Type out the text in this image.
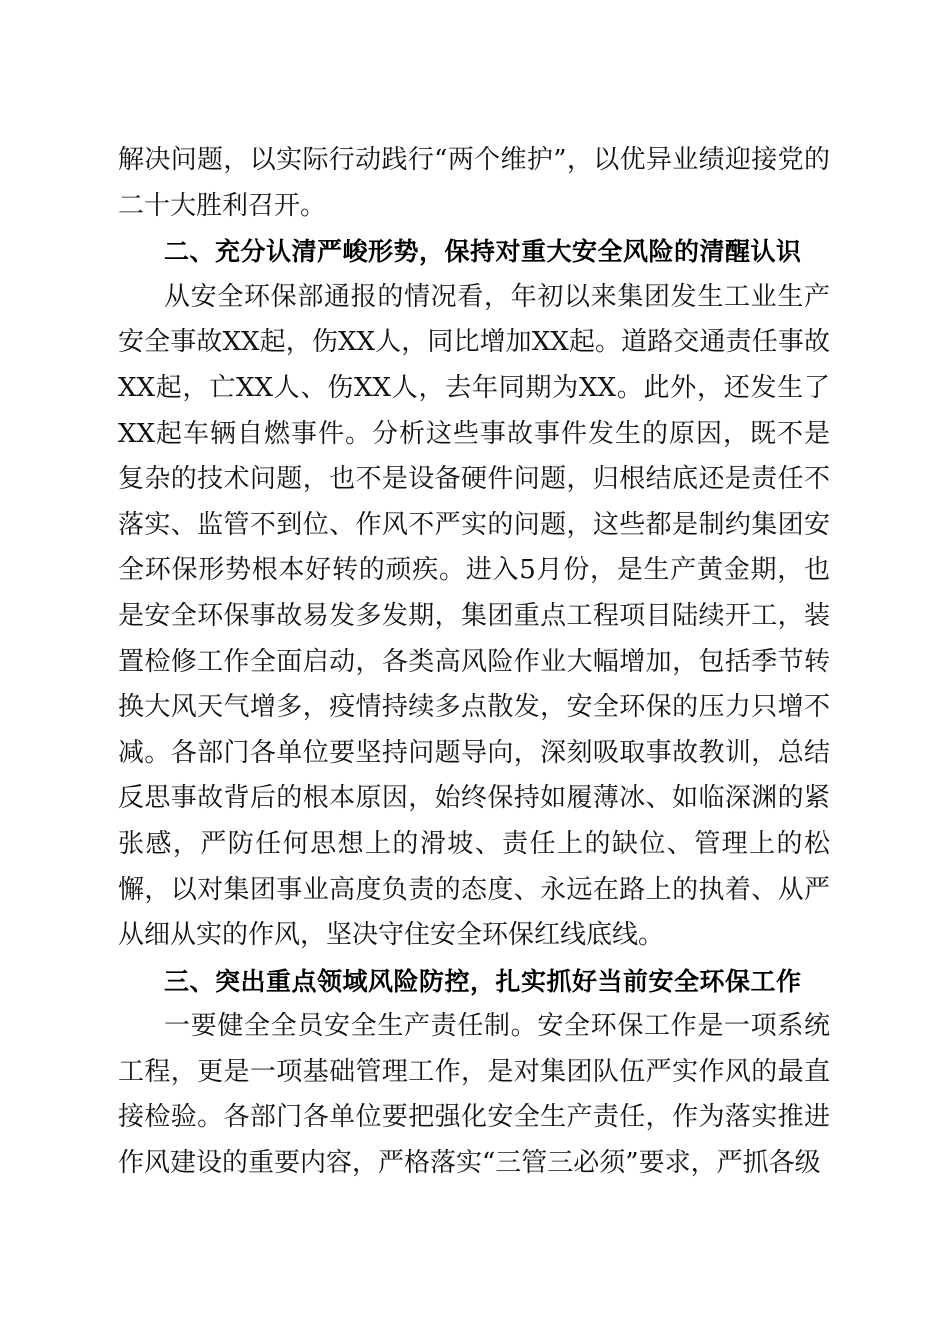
解决问题，以实际行动践行“两个维护”，以优异业绩迎接党的二十大胜利召开。

二、充分认清严峻形势，保持对重大安全风险的清醒认识

从安全环保部通报的情况看，年初以来集团发生工业生产安全事故XX起，伤XX人，同比增加XX起。道路交通责任事故XX起，亡XX人、伤XX人，去年同期为XX。此外，还发生了XX起车辆自燃事件。分析这些事故事件发生的原因，既不是复杂的技术问题，也不是设备硬件问题，归根结底还是责任不落实、监管不到位、作风不严实的问题，这些都是制约集团安全环保形势根本好转的顽疾。进入5月份，是生产黄金期，也是安全环保事故易发多发期，集团重点工程项目陆续开工，装置检修工作全面启动，各类高风险作业大幅增加，包括季节转换大风天气增多，疫情持续多点散发，安全环保的压力只增不减。各部门各单位要坚持问题导向，深刻吸取事故教训，总结反思事故背后的根本原因，始终保持如履薄冰、如临深渊的紧张感，严防任何思想上的滑坡、责任上的缺位、管理上的松懈，以对集团事业高度负责的态度、永远在路上的执着、从严从细从实的作风，坚决守住安全环保红线底线。

三、突出重点领域风险防控，扎实抓好当前安全环保工作

一要健全全员安全生产责任制。安全环保工作是一项系统工程，更是一项基础管理工作，是对集团队伍严实作风的最直接检验。各部门各单位要把强化安全生产责任，作为落实推进作风建设的重要内容，严格落实“三管三必须”要求，严抓各级
